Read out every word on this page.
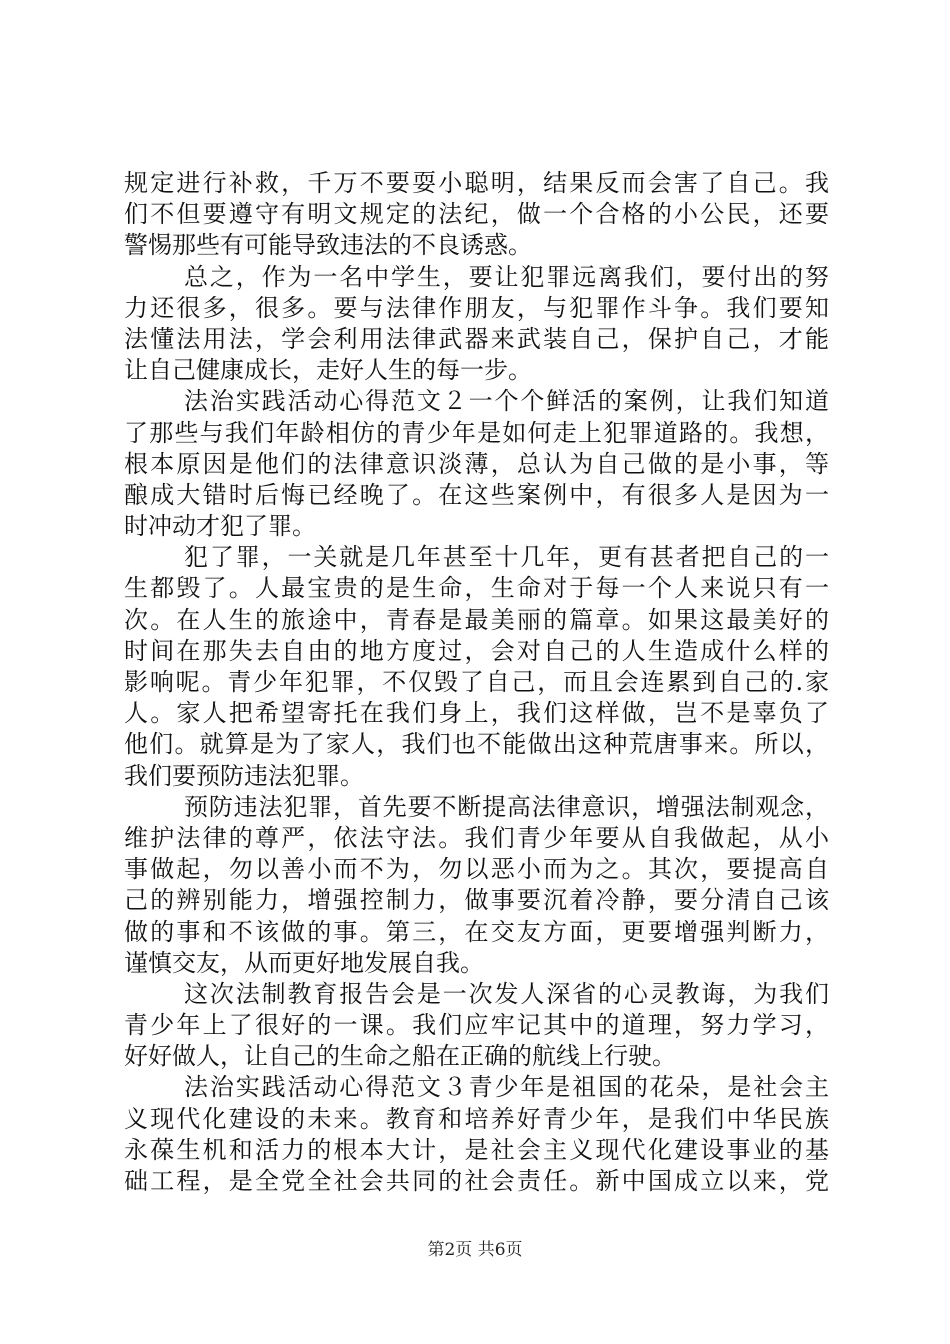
规定进行补救，千万不要耍小聪明，结果反而会害了自己。我
们不但要遵守有明文规定的法纪，做一个合格的小公民，还要
警惕那些有可能导致违法的不良诱惑。
总之，作为一名中学生，要让犯罪远离我们，要付出的努
力还很多，很多。要与法律作朋友，与犯罪作斗争。我们要知
法懂法用法，学会利用法律武器来武装自己，保护自己，才能
让自己健康成长，走好人生的每一步。
法治实践活动心得范文２一个个鲜活的案例，让我们知道
了那些与我们年龄相仿的青少年是如何走上犯罪道路的。我想，
根本原因是他们的法律意识淡薄，总认为自己做的是小事，等
酿成大错时后悔已经晚了。在这些案例中，有很多人是因为一
时冲动才犯了罪。
犯了罪，一关就是几年甚至十几年，更有甚者把自己的一
生都毁了。人最宝贵的是生命，生命对于每一个人来说只有一
次。在人生的旅途中，青春是最美丽的篇章。如果这最美好的
时间在那失去自由的地方度过，会对自己的人生造成什么样的
影响呢。青少年犯罪，不仅毁了自己，而且会连累到自己的.家
人。家人把希望寄托在我们身上，我们这样做，岂不是辜负了
他们。就算是为了家人，我们也不能做出这种荒唐事来。所以，
我们要预防违法犯罪。
预防违法犯罪，首先要不断提高法律意识，增强法制观念，
维护法律的尊严，依法守法。我们青少年要从自我做起，从小
事做起，勿以善小而不为，勿以恶小而为之。其次，要提高自
己的辨别能力，增强控制力，做事要沉着冷静，要分清自己该
做的事和不该做的事。第三，在交友方面，更要增强判断力，
谨慎交友，从而更好地发展自我。
这次法制教育报告会是一次发人深省的心灵教诲，为我们
青少年上了很好的一课。我们应牢记其中的道理，努力学习，
好好做人，让自己的生命之船在正确的航线上行驶。
法治实践活动心得范文３青少年是祖国的花朵，是社会主
义现代化建设的未来。教育和培养好青少年，是我们中华民族
永葆生机和活力的根本大计，是社会主义现代化建设事业的基
础工程，是全党全社会共同的社会责任。新中国成立以来，党
第2页 共6页
